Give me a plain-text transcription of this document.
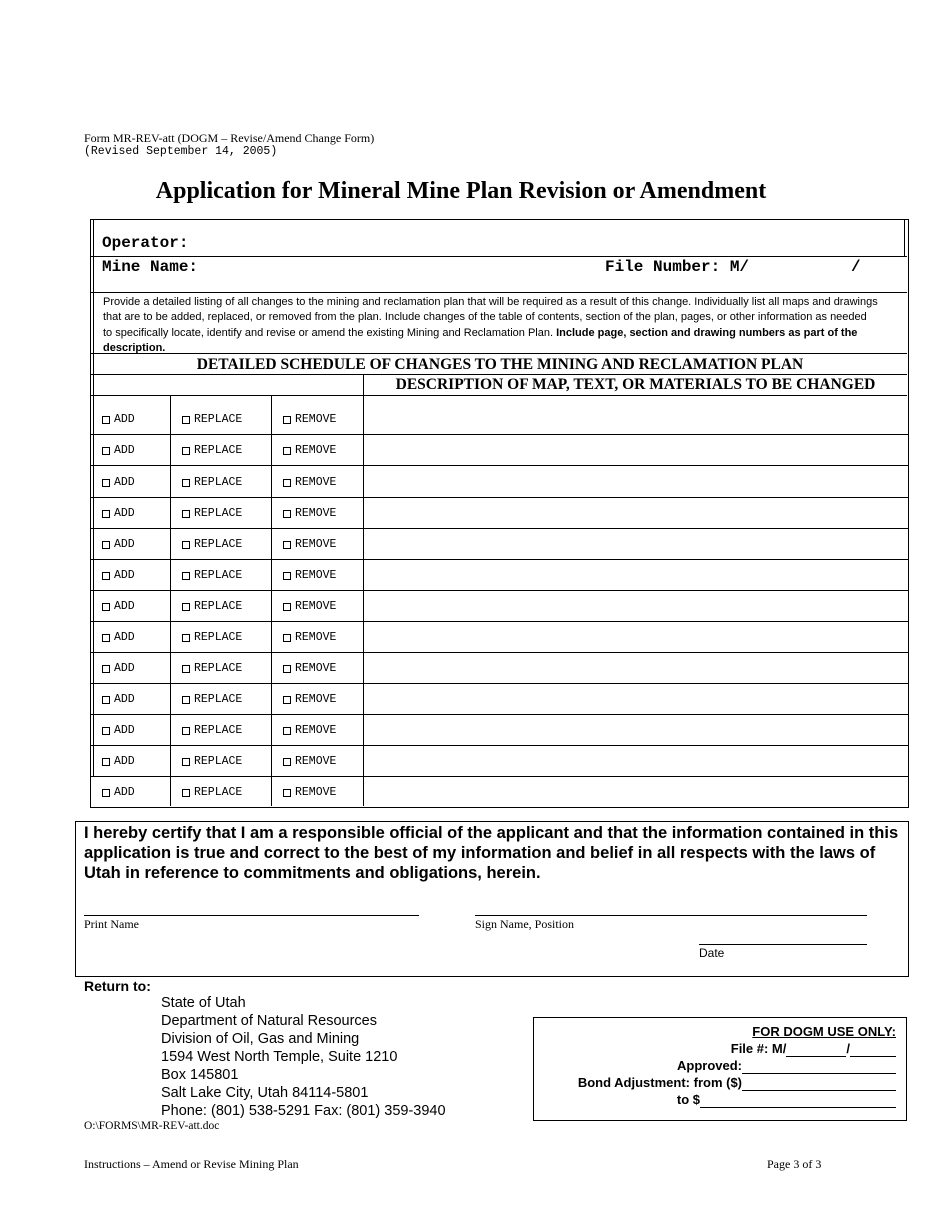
Form MR-REV-att (DOGM – Revise/Amend Change Form)
(Revised September 14, 2005)
Application for Mineral Mine Plan Revision or Amendment
Operator:
Mine Name:	File Number: M/	/
Provide a detailed listing of all changes to the mining and reclamation plan that will be required as a result of this change. Individually list all maps and drawings that are to be added, replaced, or removed from the plan. Include changes of the table of contents, section of the plan, pages, or other information as needed to specifically locate, identify and revise or amend the existing Mining and Reclamation Plan. Include page, section and drawing numbers as part of the description.
DETAILED SCHEDULE OF CHANGES TO THE MINING AND RECLAMATION PLAN
DESCRIPTION OF MAP, TEXT, OR MATERIALS TO BE CHANGED
ADD	REPLACE	REMOVE
ADD	REPLACE	REMOVE
ADD	REPLACE	REMOVE
ADD	REPLACE	REMOVE
ADD	REPLACE	REMOVE
ADD	REPLACE	REMOVE
ADD	REPLACE	REMOVE
ADD	REPLACE	REMOVE
ADD	REPLACE	REMOVE
ADD	REPLACE	REMOVE
ADD	REPLACE	REMOVE
ADD	REPLACE	REMOVE
ADD	REPLACE	REMOVE
I hereby certify that I am a responsible official of the applicant and that the information contained in this application is true and correct to the best of my information and belief in all respects with the laws of Utah in reference to commitments and obligations, herein.
Print Name	Sign Name, Position
Date
Return to:
State of Utah
Department of Natural Resources
Division of Oil, Gas and Mining
1594 West North Temple, Suite 1210
Box 145801
Salt Lake City, Utah 84114-5801
Phone: (801) 538-5291 Fax: (801) 359-3940
O:\FORMS\MR-REV-att.doc
FOR DOGM USE ONLY:
File #: M/	/
Approved:
Bond Adjustment: from ($)
to $
Instructions – Amend or Revise Mining Plan	Page 3 of 3
